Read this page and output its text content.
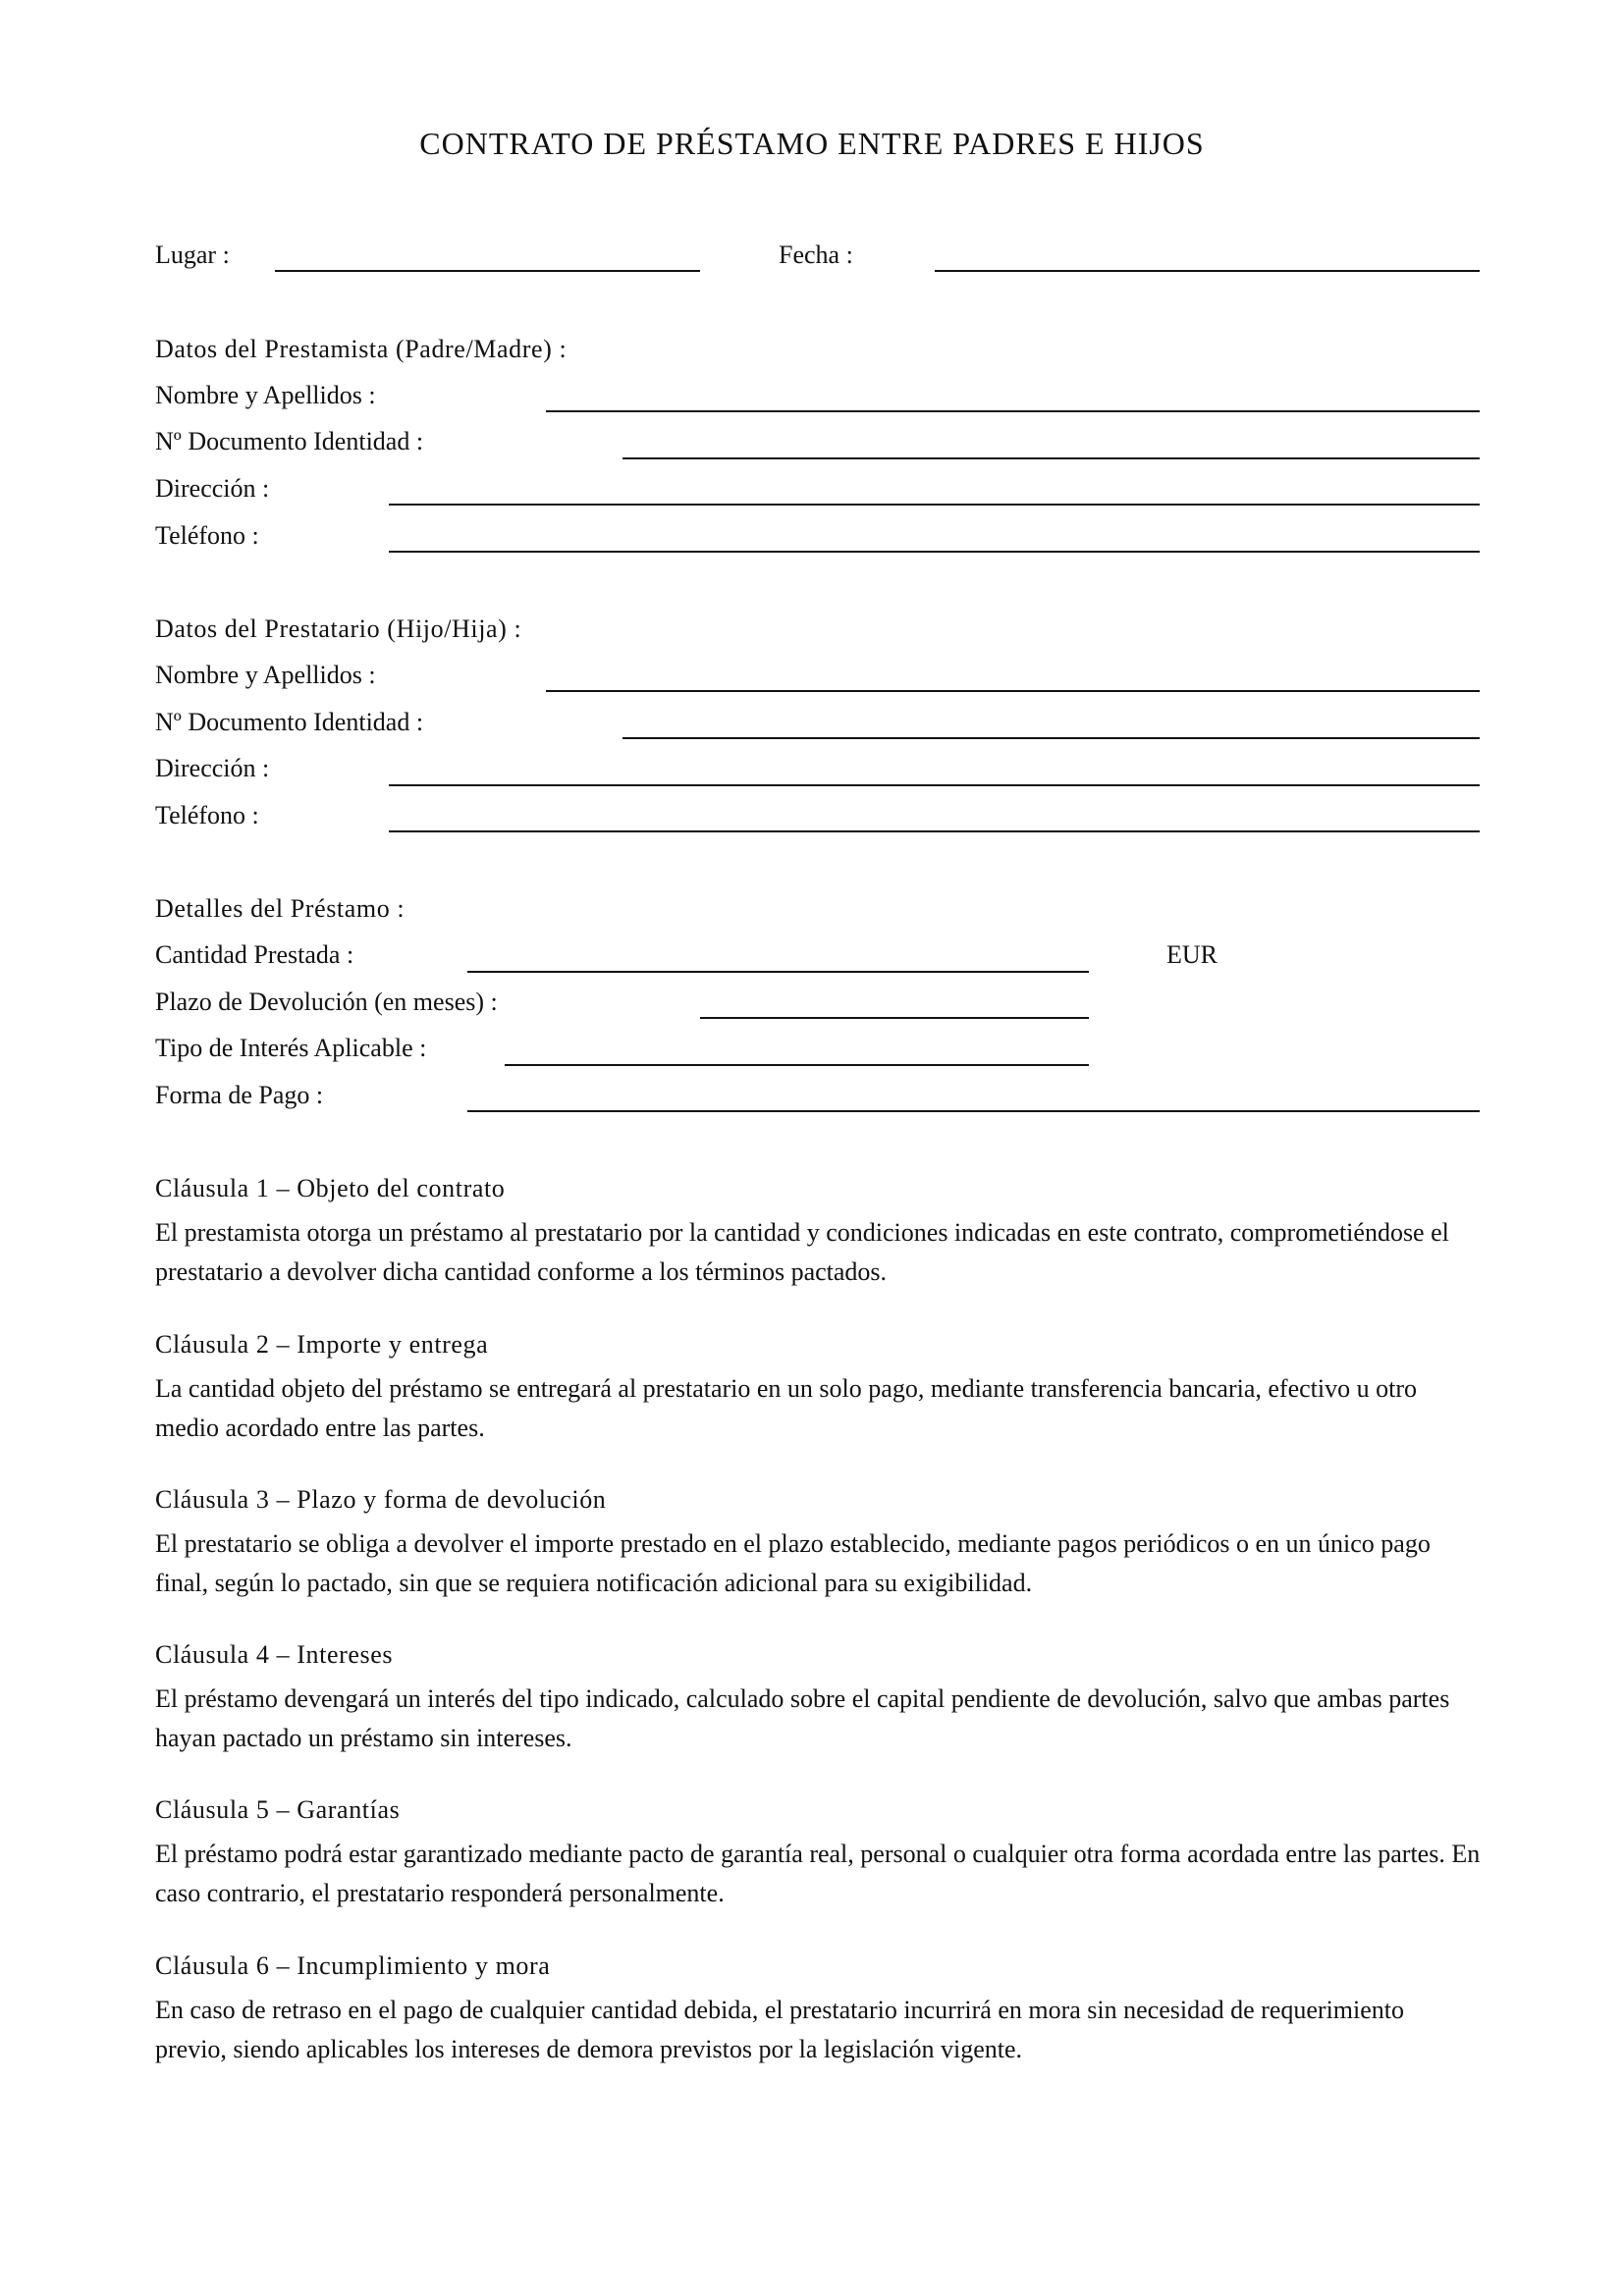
CONTRATO DE PRÉSTAMO ENTRE PADRES E HIJOS
Lugar :	Fecha :
Datos del Prestamista (Padre/Madre) :
Nombre y Apellidos :
Nº Documento Identidad :
Dirección :
Teléfono :
Datos del Prestatario (Hijo/Hija) :
Nombre y Apellidos :
Nº Documento Identidad :
Dirección :
Teléfono :
Detalles del Préstamo :
Cantidad Prestada :	EUR
Plazo de Devolución (en meses) :
Tipo de Interés Aplicable :
Forma de Pago :
Cláusula 1 – Objeto del contrato
El prestamista otorga un préstamo al prestatario por la cantidad y condiciones indicadas en este contrato, comprometiéndose el prestatario a devolver dicha cantidad conforme a los términos pactados.
Cláusula 2 – Importe y entrega
La cantidad objeto del préstamo se entregará al prestatario en un solo pago, mediante transferencia bancaria, efectivo u otro medio acordado entre las partes.
Cláusula 3 – Plazo y forma de devolución
El prestatario se obliga a devolver el importe prestado en el plazo establecido, mediante pagos periódicos o en un único pago final, según lo pactado, sin que se requiera notificación adicional para su exigibilidad.
Cláusula 4 – Intereses
El préstamo devengará un interés del tipo indicado, calculado sobre el capital pendiente de devolución, salvo que ambas partes hayan pactado un préstamo sin intereses.
Cláusula 5 – Garantías
El préstamo podrá estar garantizado mediante pacto de garantía real, personal o cualquier otra forma acordada entre las partes. En caso contrario, el prestatario responderá personalmente.
Cláusula 6 – Incumplimiento y mora
En caso de retraso en el pago de cualquier cantidad debida, el prestatario incurrirá en mora sin necesidad de requerimiento previo, siendo aplicables los intereses de demora previstos por la legislación vigente.
